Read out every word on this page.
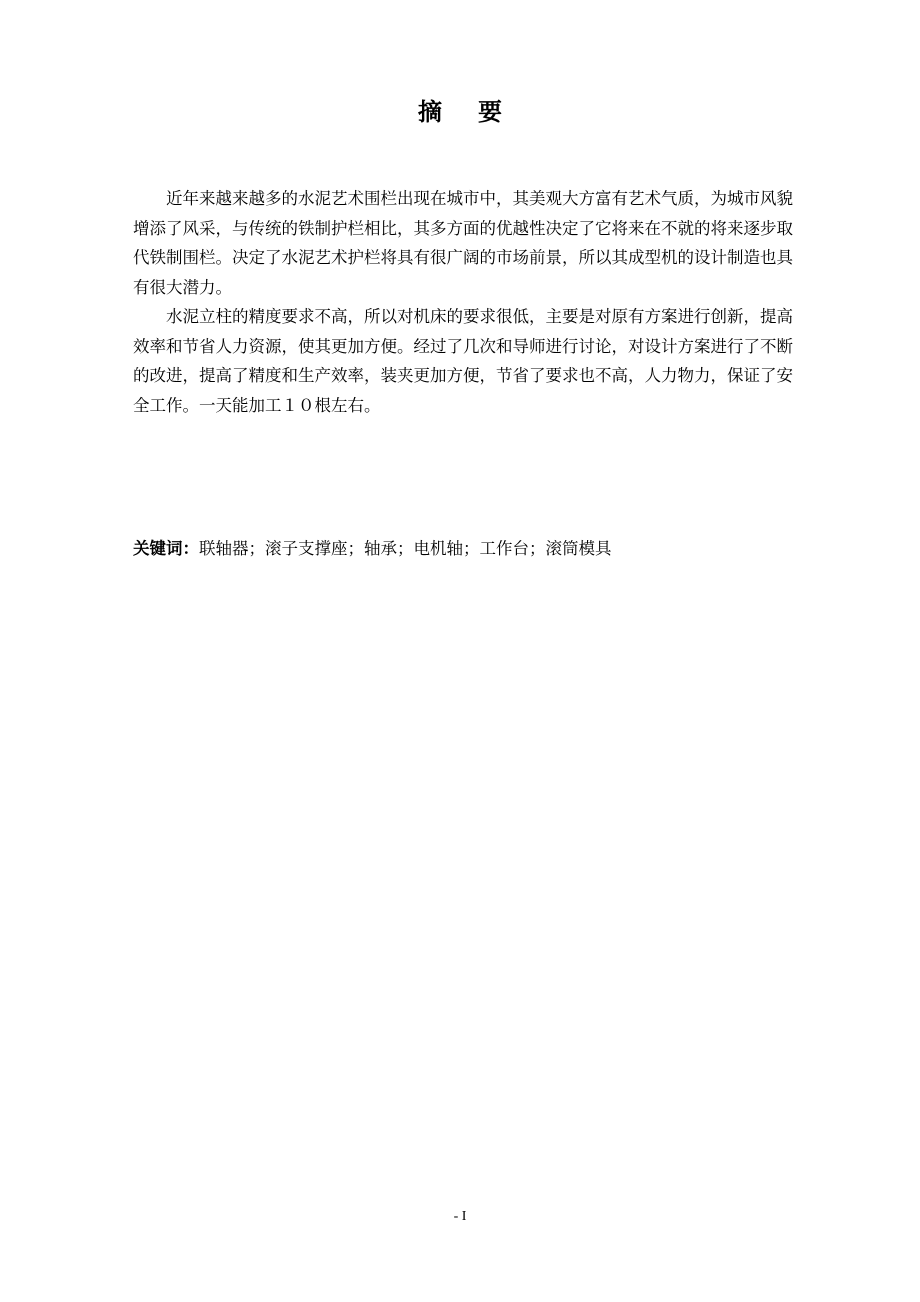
摘要

近年来越来越多的水泥艺术围栏出现在城市中，其美观大方富有艺术气质，为城市风貌增添了风采，与传统的铁制护栏相比，其多方面的优越性决定了它将来在不就的将来逐步取代铁制围栏。决定了水泥艺术护栏将具有很广阔的市场前景，所以其成型机的设计制造也具有很大潜力。

水泥立柱的精度要求不高，所以对机床的要求很低，主要是对原有方案进行创新，提高效率和节省人力资源，使其更加方便。经过了几次和导师进行讨论，对设计方案进行了不断的改进，提高了精度和生产效率，装夹更加方便，节省了要求也不高，人力物力，保证了安全工作。一天能加工１０根左右。

关键词：联轴器；滚子支撑座；轴承；电机轴；工作台；滚筒模具
- I
